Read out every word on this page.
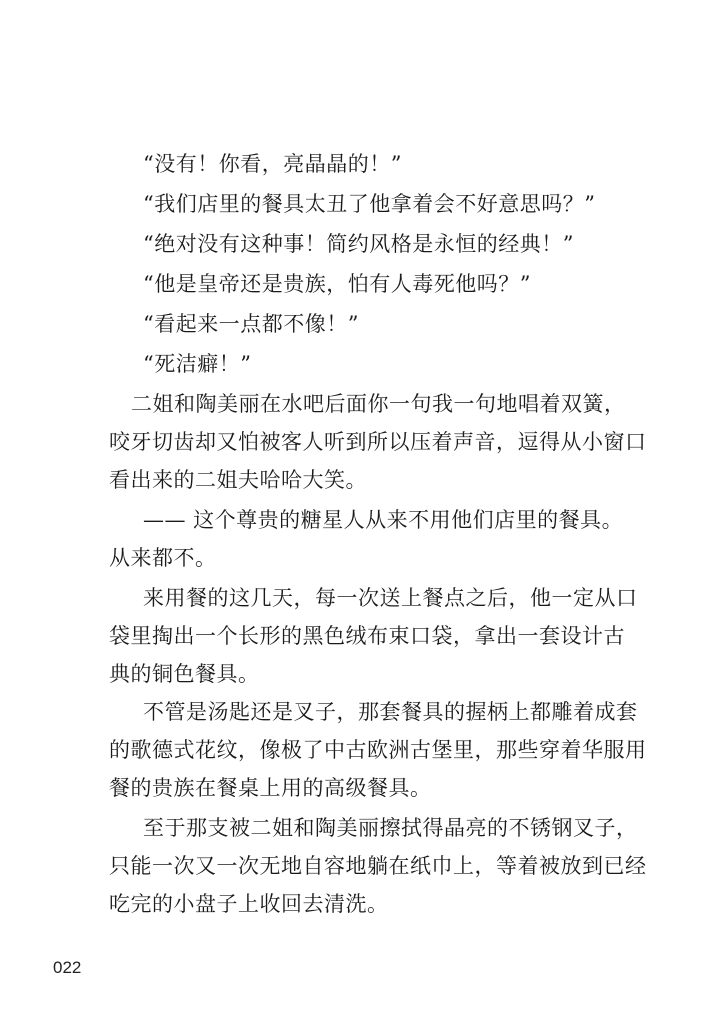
“没有！你看，亮晶晶的！”
“我们店里的餐具太丑了他拿着会不好意思吗？”
“绝对没有这种事！简约风格是永恒的经典！”
“他是皇帝还是贵族，怕有人毒死他吗？”
“看起来一点都不像！”
“死洁癖！”
二姐和陶美丽在水吧后面你一句我一句地唱着双簧，
咬牙切齿却又怕被客人听到所以压着声音，逗得从小窗口
看出来的二姐夫哈哈大笑。
—— 这个尊贵的糖星人从来不用他们店里的餐具。
从来都不。
来用餐的这几天，每一次送上餐点之后，他一定从口
袋里掏出一个长形的黑色绒布束口袋，拿出一套设计古
典的铜色餐具。
不管是汤匙还是叉子，那套餐具的握柄上都雕着成套
的歌德式花纹，像极了中古欧洲古堡里，那些穿着华服用
餐的贵族在餐桌上用的高级餐具。
至于那支被二姐和陶美丽擦拭得晶亮的不锈钢叉子，
只能一次又一次无地自容地躺在纸巾上，等着被放到已经
吃完的小盘子上收回去清洗。
022
